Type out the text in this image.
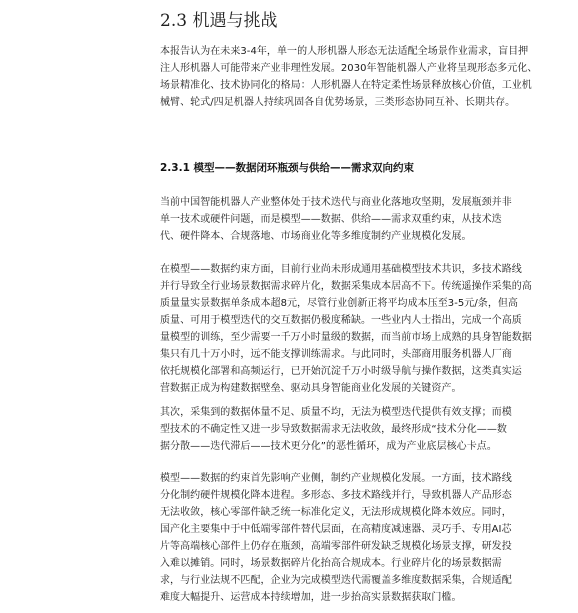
2.3 机遇与挑战
本报告认为在未来3-4年，单一的人形机器人形态无法适配全场景作业需求，盲目押
注人形机器人可能带来产业非理性发展。2030年智能机器人产业将呈现形态多元化、
场景精准化、技术协同化的格局：人形机器人在特定柔性场景释放核心价值，工业机
械臂、轮式/四足机器人持续巩固各自优势场景，三类形态协同互补、长期共存。
2.3.1 模型——数据闭环瓶颈与供给——需求双向约束
当前中国智能机器人产业整体处于技术迭代与商业化落地攻坚期，发展瓶颈并非
单一技术或硬件问题，而是模型——数据、供给——需求双重约束，从技术迭
代、硬件降本、合规落地、市场商业化等多维度制约产业规模化发展。
在模型——数据约束方面，目前行业尚未形成通用基础模型技术共识，多技术路线
并行导致全行业场景数据需求碎片化，数据采集成本居高不下。传统遥操作采集的高
质量量实景数据单条成本超8元，尽管行业创新正将平均成本压至3-5元/条，但高
质量、可用于模型迭代的交互数据仍极度稀缺。一些业内人士指出，完成一个高质
量模型的训练，至少需要一千万小时量级的数据，而当前市场上成熟的具身智能数据
集只有几十万小时，远不能支撑训练需求。与此同时，头部商用服务机器人厂商
依托规模化部署和高频运行，已开始沉淀千万小时级导航与操作数据，这类真实运
营数据正成为构建数据壁垒、驱动具身智能商业化发展的关键资产。
其次，采集到的数据体量不足、质量不均，无法为模型迭代提供有效支撑；而模
型技术的不确定性又进一步导致数据需求无法收敛，最终形成“技术分化——数
据分散——迭代滞后——技术更分化”的恶性循环，成为产业底层核心卡点。
模型——数据的约束首先影响产业侧，制约产业规模化发展。一方面，技术路线
分化制约硬件规模化降本进程。多形态、多技术路线并行，导致机器人产品形态
无法收敛，核心零部件缺乏统一标准化定义，无法形成规模化降本效应。同时，
国产化主要集中于中低端零部件替代层面，在高精度减速器、灵巧手、专用AI芯
片等高端核心部件上仍存在瓶颈，高端零部件研发缺乏规模化场景支撑，研发投
入难以摊销。同时，场景数据碎片化抬高合规成本。行业碎片化的场景数据需
求，与行业法规不匹配，企业为完成模型迭代需覆盖多维度数据采集，合规适配
难度大幅提升、运营成本持续增加，进一步抬高实景数据获取门槛。
